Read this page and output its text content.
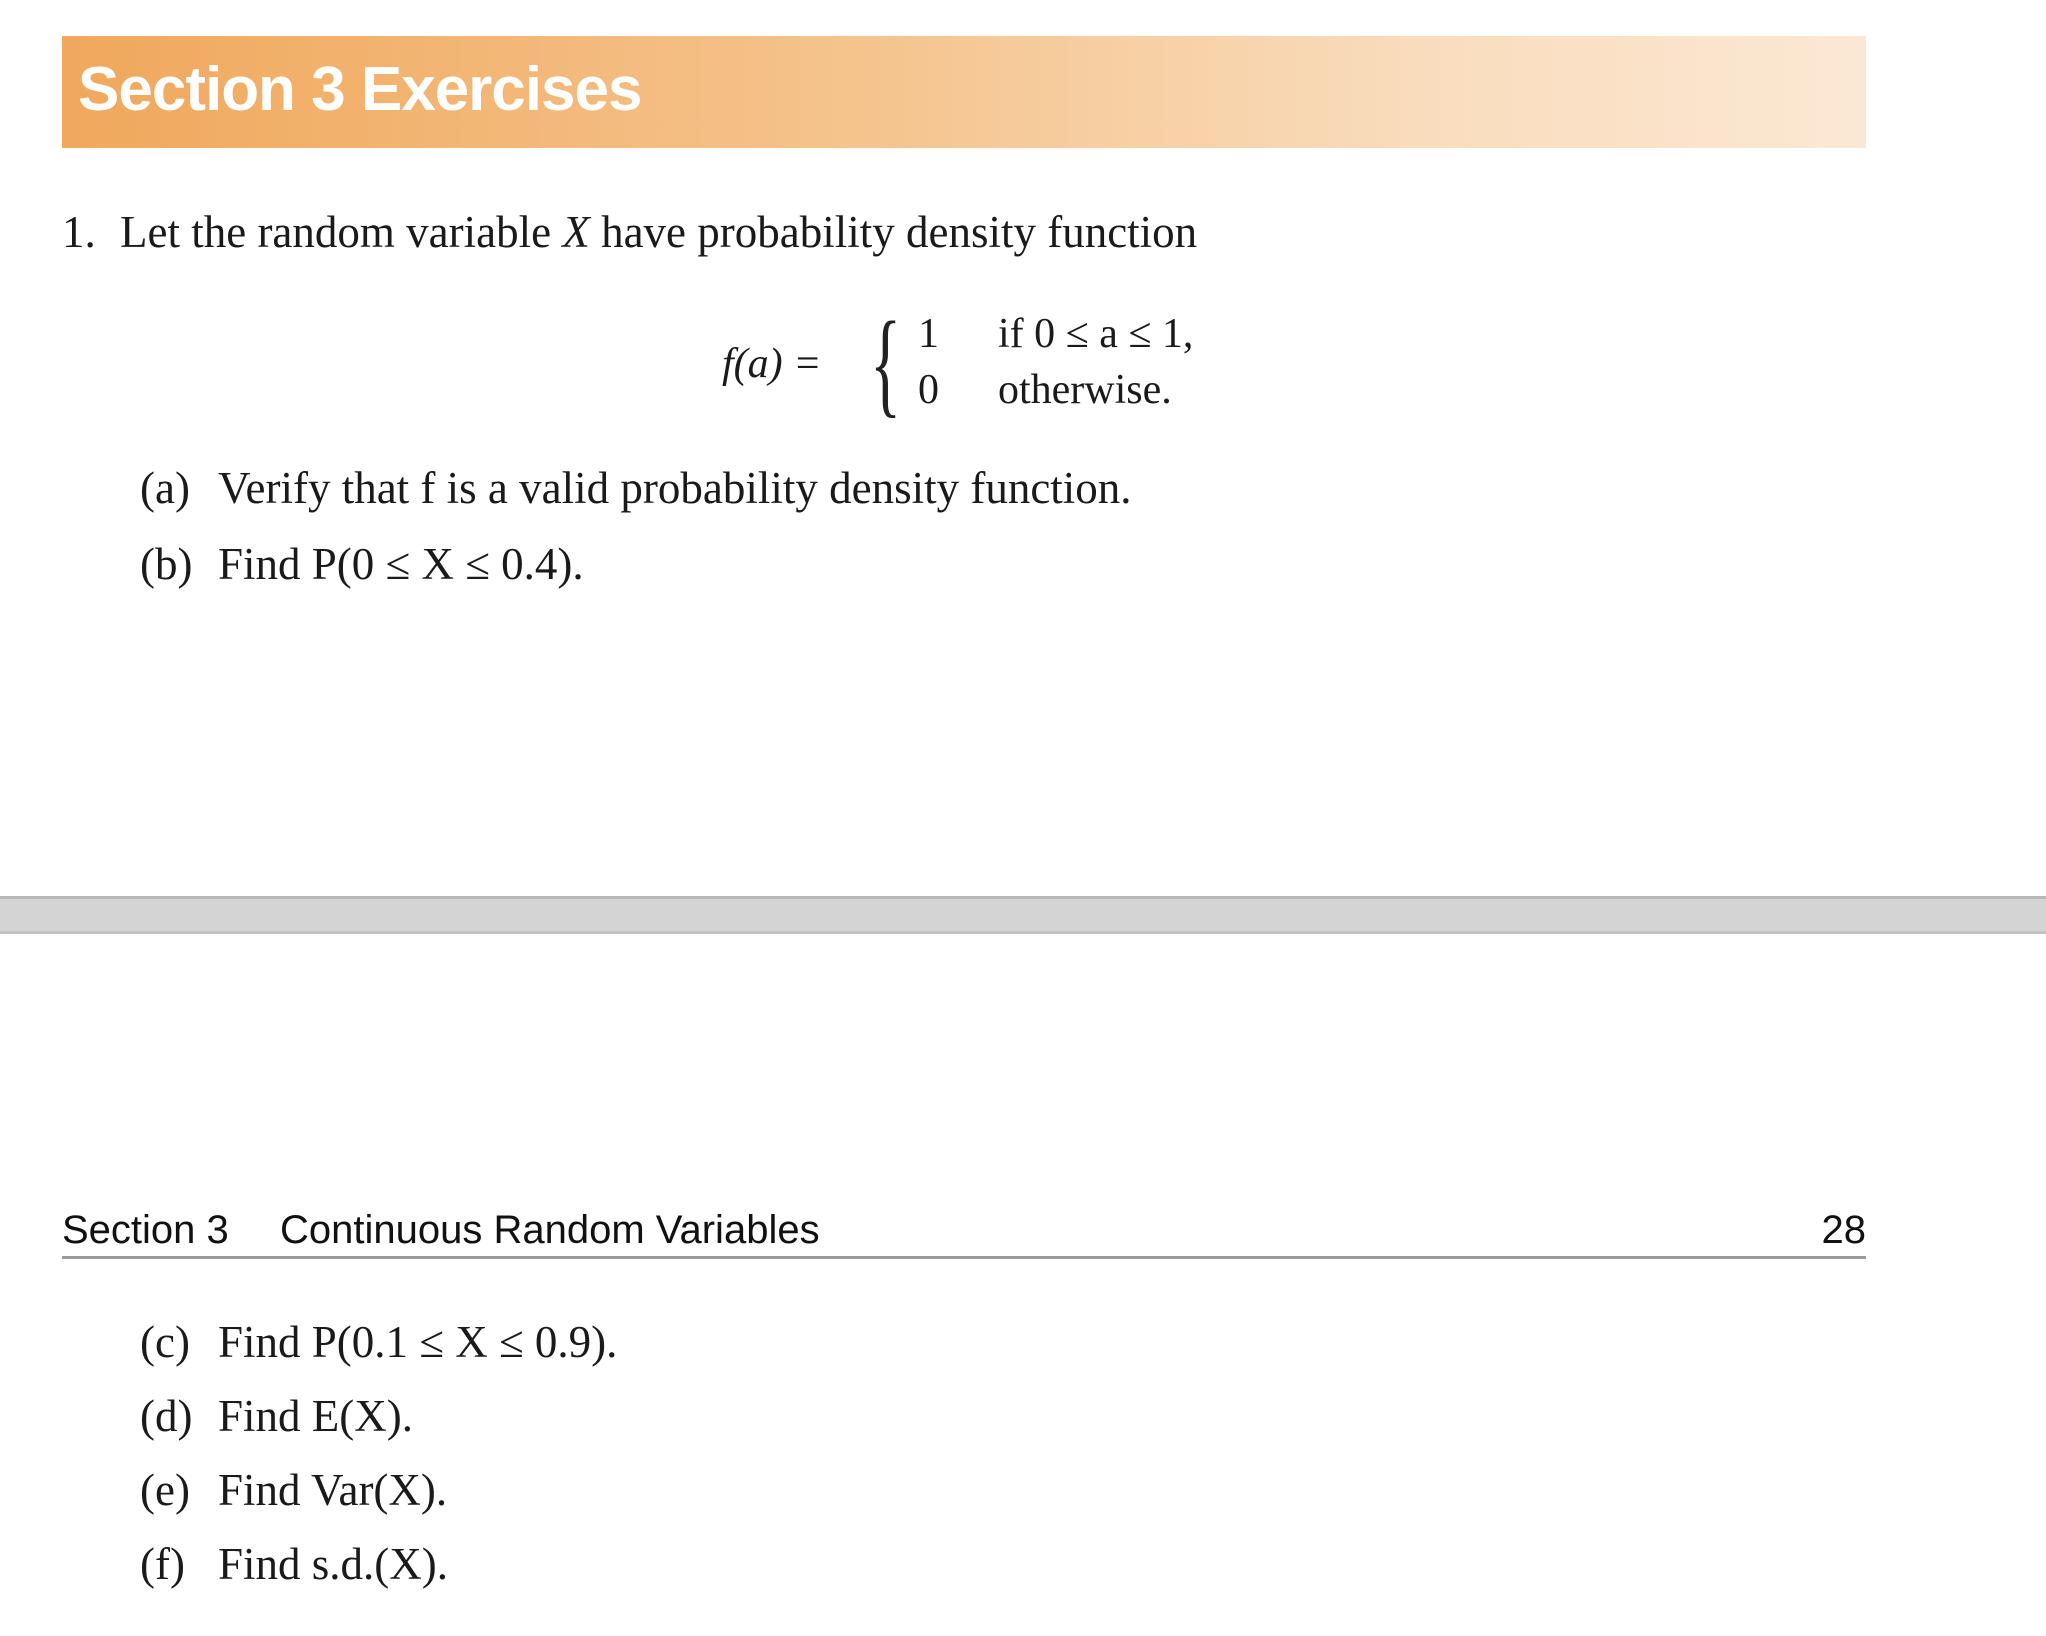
Section 3 Exercises
1. Let the random variable X have probability density function
f(a) = { 1	if 0 ≤ a ≤ 1,
0	otherwise.
(a) Verify that f is a valid probability density function.
(b) Find P(0 ≤ X ≤ 0.4).
Section 3 Continuous Random Variables	28
(c) Find P(0.1 ≤ X ≤ 0.9).
(d) Find E(X).
(e) Find Var(X).
(f) Find s.d.(X).
